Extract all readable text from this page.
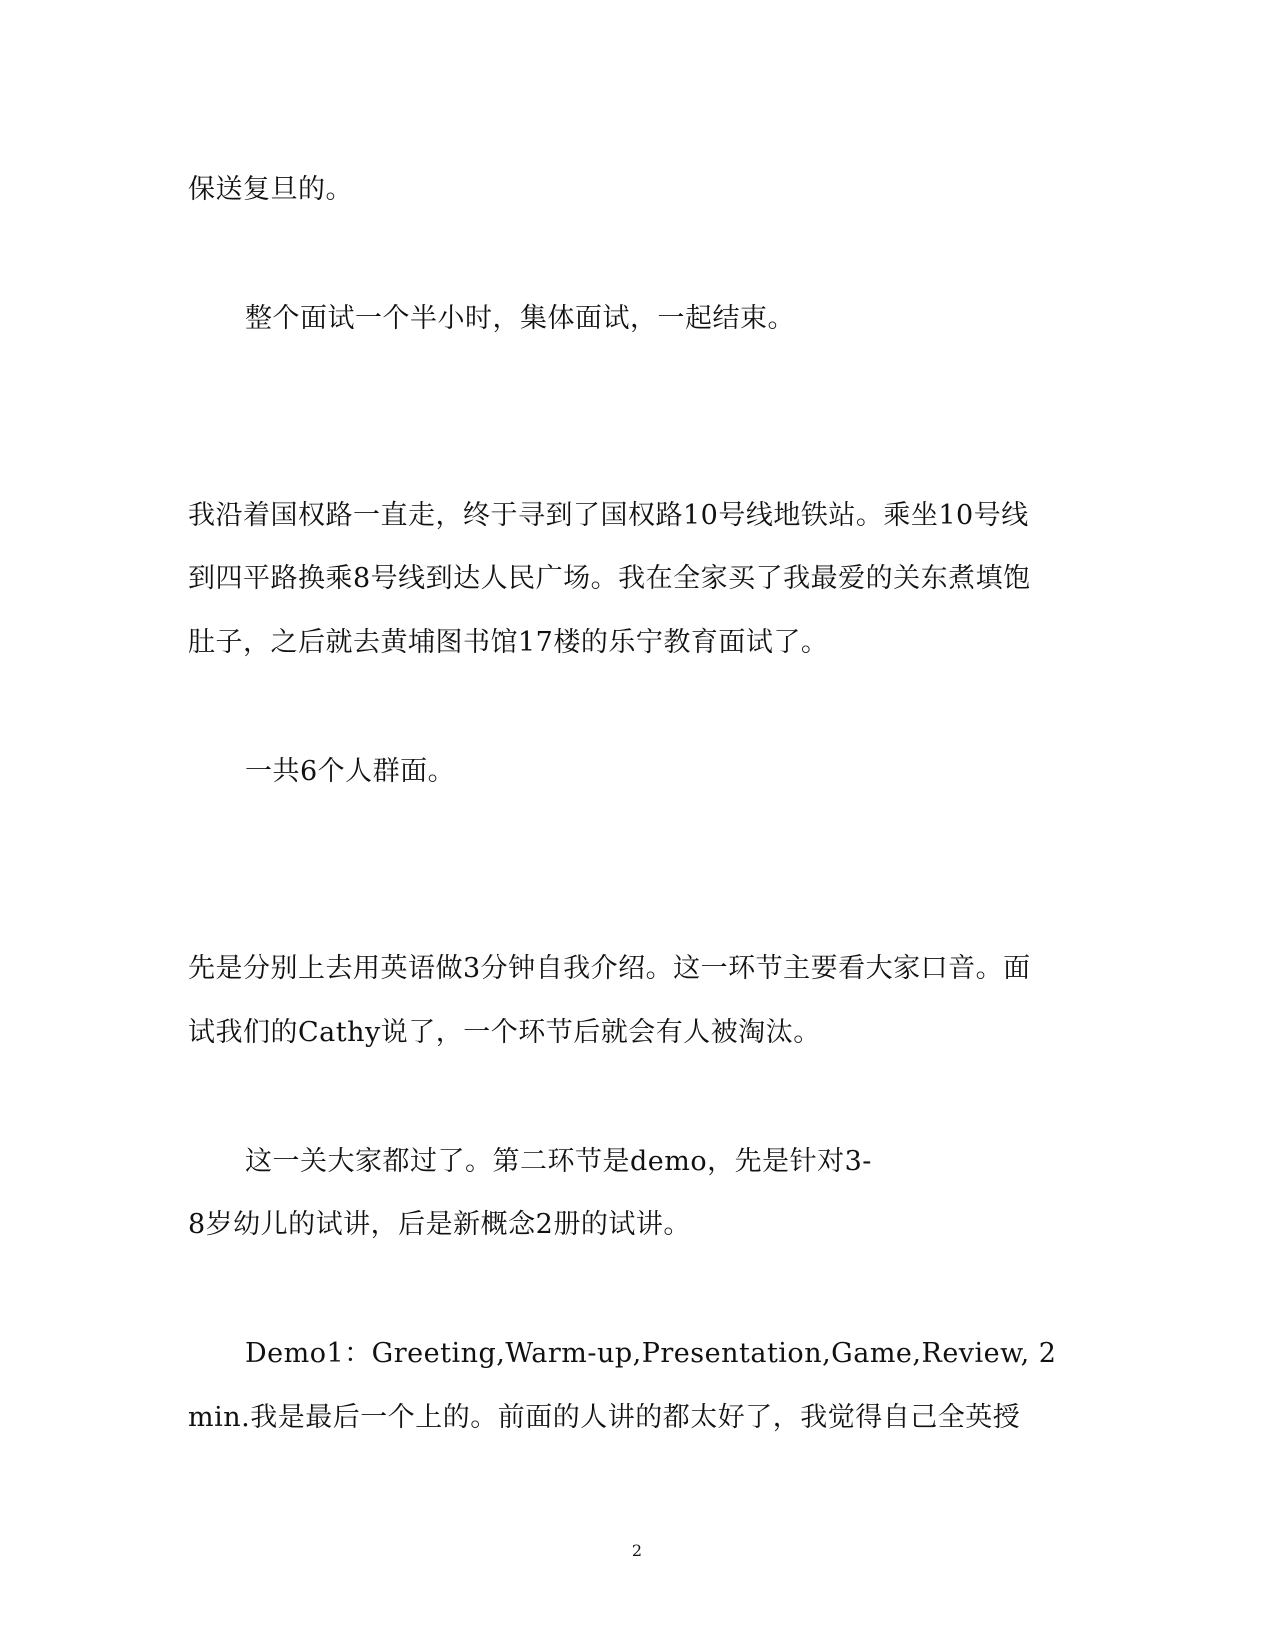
保送复旦的。
整个面试一个半小时，集体面试，一起结束。
我沿着国权路一直走，终于寻到了国权路10号线地铁站。乘坐10号线
到四平路换乘8号线到达人民广场。我在全家买了我最爱的关东煮填饱
肚子，之后就去黄埔图书馆17楼的乐宁教育面试了。
一共6个人群面。
先是分别上去用英语做3分钟自我介绍。这一环节主要看大家口音。面
试我们的Cathy说了，一个环节后就会有人被淘汰。
这一关大家都过了。第二环节是demo，先是针对3-
8岁幼儿的试讲，后是新概念2册的试讲。
Demo1：Greeting,Warm-up,Presentation,Game,Review, 2
min.我是最后一个上的。前面的人讲的都太好了，我觉得自己全英授
2
